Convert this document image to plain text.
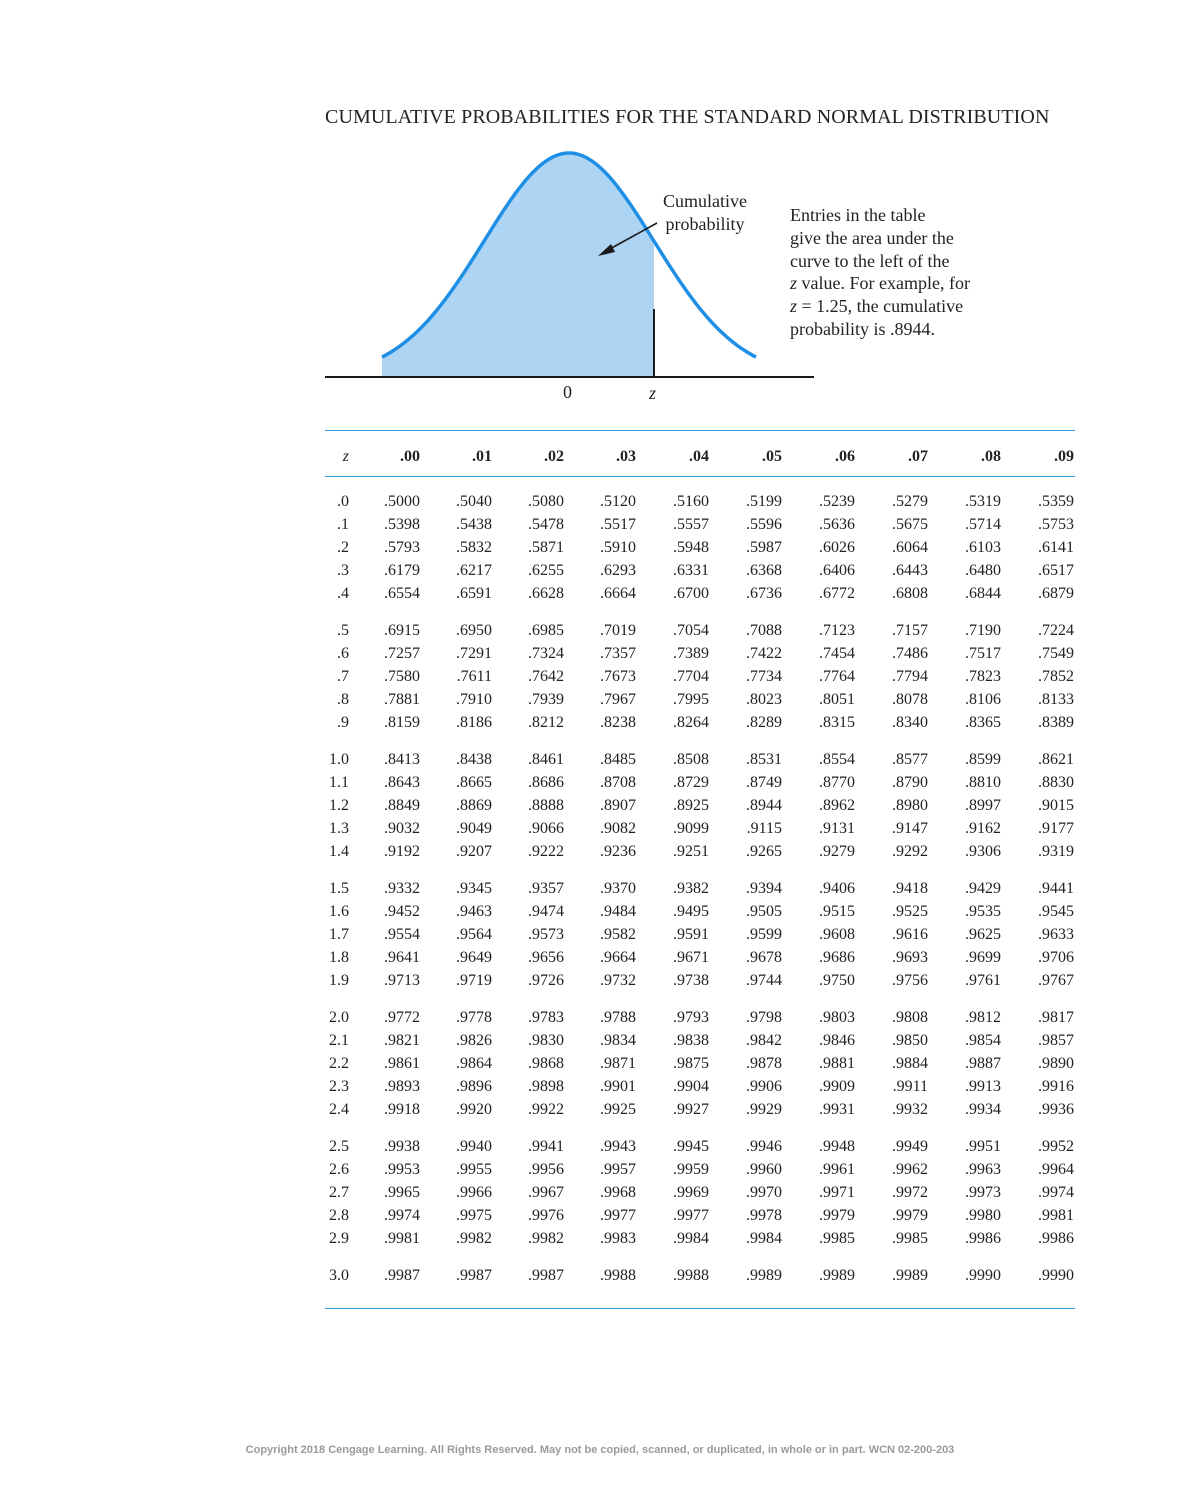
CUMULATIVE PROBABILITIES FOR THE STANDARD NORMAL DISTRIBUTION
Cumulative
probability	Entries in the table
give the area under the
curve to the left of the
z value. For example, for
z = 1.25, the cumulative
probability is .8944.
0	z
z	.00	.01	.02	.03	.04	.05	.06	.07	.08	.09
.0 .5000 .5040 .5080 .5120 .5160 .5199 .5239 .5279 .5319 .5359
.1 .5398 .5438 .5478 .5517 .5557 .5596 .5636 .5675 .5714 .5753
.2 .5793 .5832 .5871 .5910 .5948 .5987 .6026 .6064 .6103 .6141
.3 .6179 .6217 .6255 .6293 .6331 .6368 .6406 .6443 .6480 .6517
.4 .6554 .6591 .6628 .6664 .6700 .6736 .6772 .6808 .6844 .6879
.5 .6915 .6950 .6985 .7019 .7054 .7088 .7123 .7157 .7190 .7224
.6 .7257 .7291 .7324 .7357 .7389 .7422 .7454 .7486 .7517 .7549
.7 .7580 .7611 .7642 .7673 .7704 .7734 .7764 .7794 .7823 .7852
.8 .7881 .7910 .7939 .7967 .7995 .8023 .8051 .8078 .8106 .8133
.9 .8159 .8186 .8212 .8238 .8264 .8289 .8315 .8340 .8365 .8389
1.0 .8413 .8438 .8461 .8485 .8508 .8531 .8554 .8577 .8599 .8621
1.1 .8643 .8665 .8686 .8708 .8729 .8749 .8770 .8790 .8810 .8830
1.2 .8849 .8869 .8888 .8907 .8925 .8944 .8962 .8980 .8997 .9015
1.3 .9032 .9049 .9066 .9082 .9099 .9115 .9131 .9147 .9162 .9177
1.4 .9192 .9207 .9222 .9236 .9251 .9265 .9279 .9292 .9306 .9319
1.5 .9332 .9345 .9357 .9370 .9382 .9394 .9406 .9418 .9429 .9441
1.6 .9452 .9463 .9474 .9484 .9495 .9505 .9515 .9525 .9535 .9545
1.7 .9554 .9564 .9573 .9582 .9591 .9599 .9608 .9616 .9625 .9633
1.8 .9641 .9649 .9656 .9664 .9671 .9678 .9686 .9693 .9699 .9706
1.9 .9713 .9719 .9726 .9732 .9738 .9744 .9750 .9756 .9761 .9767
2.0 .9772 .9778 .9783 .9788 .9793 .9798 .9803 .9808 .9812 .9817
2.1 .9821 .9826 .9830 .9834 .9838 .9842 .9846 .9850 .9854 .9857
2.2 .9861 .9864 .9868 .9871 .9875 .9878 .9881 .9884 .9887 .9890
2.3 .9893 .9896 .9898 .9901 .9904 .9906 .9909 .9911 .9913 .9916
2.4 .9918 .9920 .9922 .9925 .9927 .9929 .9931 .9932 .9934 .9936
2.5 .9938 .9940 .9941 .9943 .9945 .9946 .9948 .9949 .9951 .9952
2.6 .9953 .9955 .9956 .9957 .9959 .9960 .9961 .9962 .9963 .9964
2.7 .9965 .9966 .9967 .9968 .9969 .9970 .9971 .9972 .9973 .9974
2.8 .9974 .9975 .9976 .9977 .9977 .9978 .9979 .9979 .9980 .9981
2.9 .9981 .9982 .9982 .9983 .9984 .9984 .9985 .9985 .9986 .9986
3.0 .9987 .9987 .9987 .9988 .9988 .9989 .9989 .9989 .9990 .9990
Copyright 2018 Cengage Learning. All Rights Reserved. May not be copied, scanned, or duplicated, in whole or in part. WCN 02-200-203
